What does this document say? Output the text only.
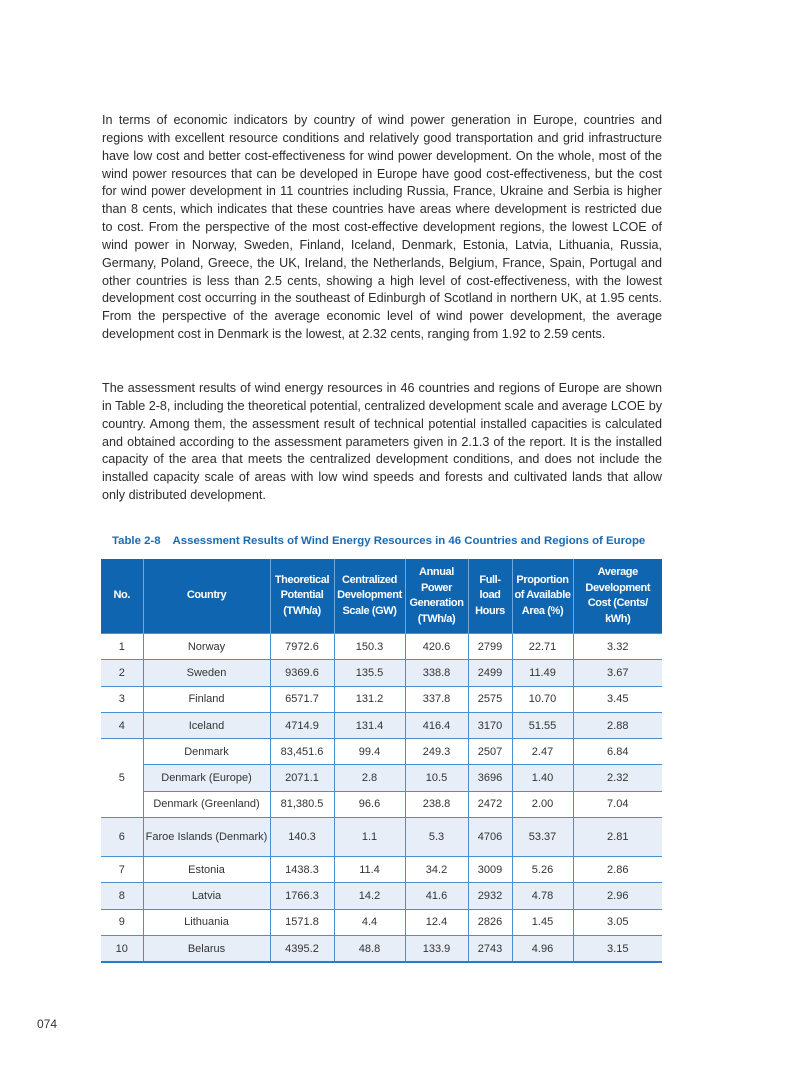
In terms of economic indicators by country of wind power generation in Europe, countries and regions with excellent resource conditions and relatively good transportation and grid infrastructure have low cost and better cost-effectiveness for wind power development. On the whole, most of the wind power resources that can be developed in Europe have good cost-effectiveness, but the cost for wind power development in 11 countries including Russia, France, Ukraine and Serbia is higher than 8 cents, which indicates that these countries have areas where development is restricted due to cost. From the perspective of the most cost-effective development regions, the lowest LCOE of wind power in Norway, Sweden, Finland, Iceland, Denmark, Estonia, Latvia, Lithuania, Russia, Germany, Poland, Greece, the UK, Ireland, the Netherlands, Belgium, France, Spain, Portugal and other countries is less than 2.5 cents, showing a high level of cost-effectiveness, with the lowest development cost occurring in the southeast of Edinburgh of Scotland in northern UK, at 1.95 cents. From the perspective of the average economic level of wind power development, the average development cost in Denmark is the lowest, at 2.32 cents, ranging from 1.92 to 2.59 cents.

The assessment results of wind energy resources in 46 countries and regions of Europe are shown in Table 2-8, including the theoretical potential, centralized development scale and average LCOE by country. Among them, the assessment result of technical potential installed capacities is calculated and obtained according to the assessment parameters given in 2.1.3 of the report. It is the installed capacity of the area that meets the centralized development conditions, and does not include the installed capacity scale of areas with low wind speeds and forests and cultivated lands that allow only distributed development.

Table 2-8 Assessment Results of Wind Energy Resources in 46 Countries and Regions of Europe
No.	Country	Theoretical Potential (TWh/a)	Centralized Development Scale (GW)	Annual Power Generation (TWh/a)	Full-load Hours	Proportion of Available Area (%)	Average Development Cost (Cents/ kWh)
1	Norway	7972.6	150.3	420.6	2799	22.71	3.32
2	Sweden	9369.6	135.5	338.8	2499	11.49	3.67
3	Finland	6571.7	131.2	337.8	2575	10.70	3.45
4	Iceland	4714.9	131.4	416.4	3170	51.55	2.88
5	Denmark	83,451.6	99.4	249.3	2507	2.47	6.84
	Denmark (Europe)	2071.1	2.8	10.5	3696	1.40	2.32
	Denmark (Greenland)	81,380.5	96.6	238.8	2472	2.00	7.04
6	Faroe Islands (Denmark)	140.3	1.1	5.3	4706	53.37	2.81
7	Estonia	1438.3	11.4	34.2	3009	5.26	2.86
8	Latvia	1766.3	14.2	41.6	2932	4.78	2.96
9	Lithuania	1571.8	4.4	12.4	2826	1.45	3.05
10	Belarus	4395.2	48.8	133.9	2743	4.96	3.15
074
